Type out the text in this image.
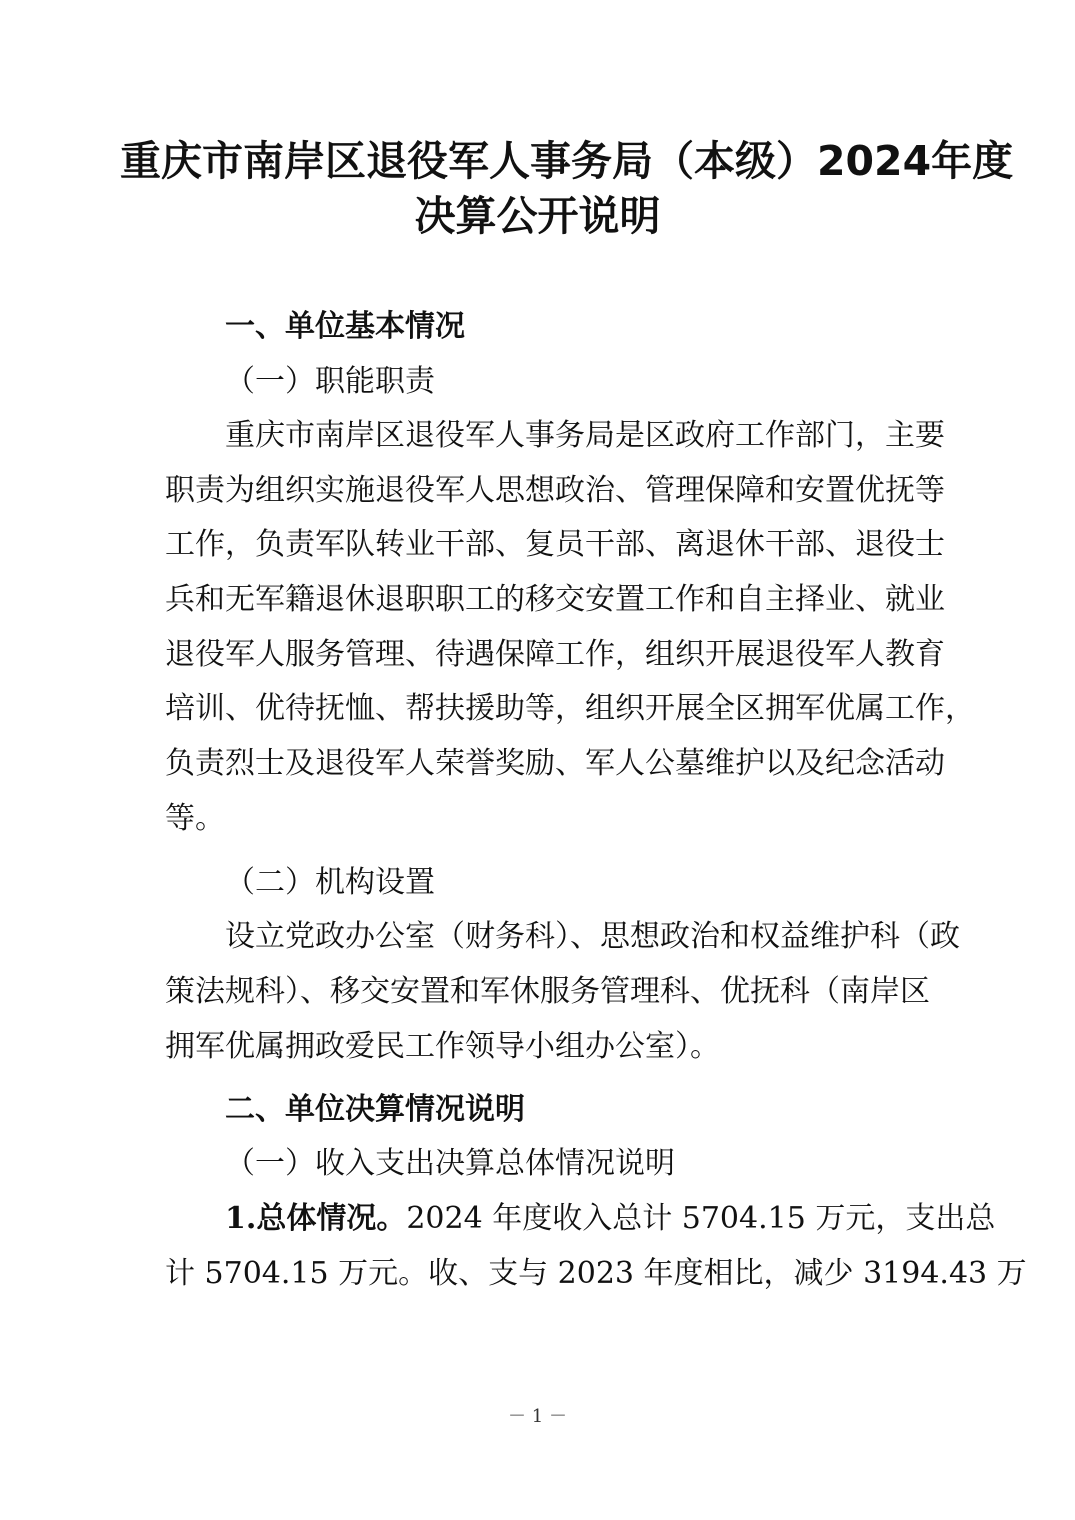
重庆市南岸区退役军人事务局（本级）2024年度
决算公开说明
一、单位基本情况
（一）职能职责
重庆市南岸区退役军人事务局是区政府工作部门，主要
职责为组织实施退役军人思想政治、管理保障和安置优抚等
工作，负责军队转业干部、复员干部、离退休干部、退役士
兵和无军籍退休退职职工的移交安置工作和自主择业、就业
退役军人服务管理、待遇保障工作，组织开展退役军人教育
培训、优待抚恤、帮扶援助等，组织开展全区拥军优属工作，
负责烈士及退役军人荣誉奖励、军人公墓维护以及纪念活动
等。
（二）机构设置
设立党政办公室（财务科）、思想政治和权益维护科（政
策法规科）、移交安置和军休服务管理科、优抚科（南岸区
拥军优属拥政爱民工作领导小组办公室）。
二、单位决算情况说明
（一）收入支出决算总体情况说明
1.总体情况。2024 年度收入总计 5704.15 万元，支出总
计 5704.15 万元。收、支与 2023 年度相比，减少 3194.43 万
－ 1 －
